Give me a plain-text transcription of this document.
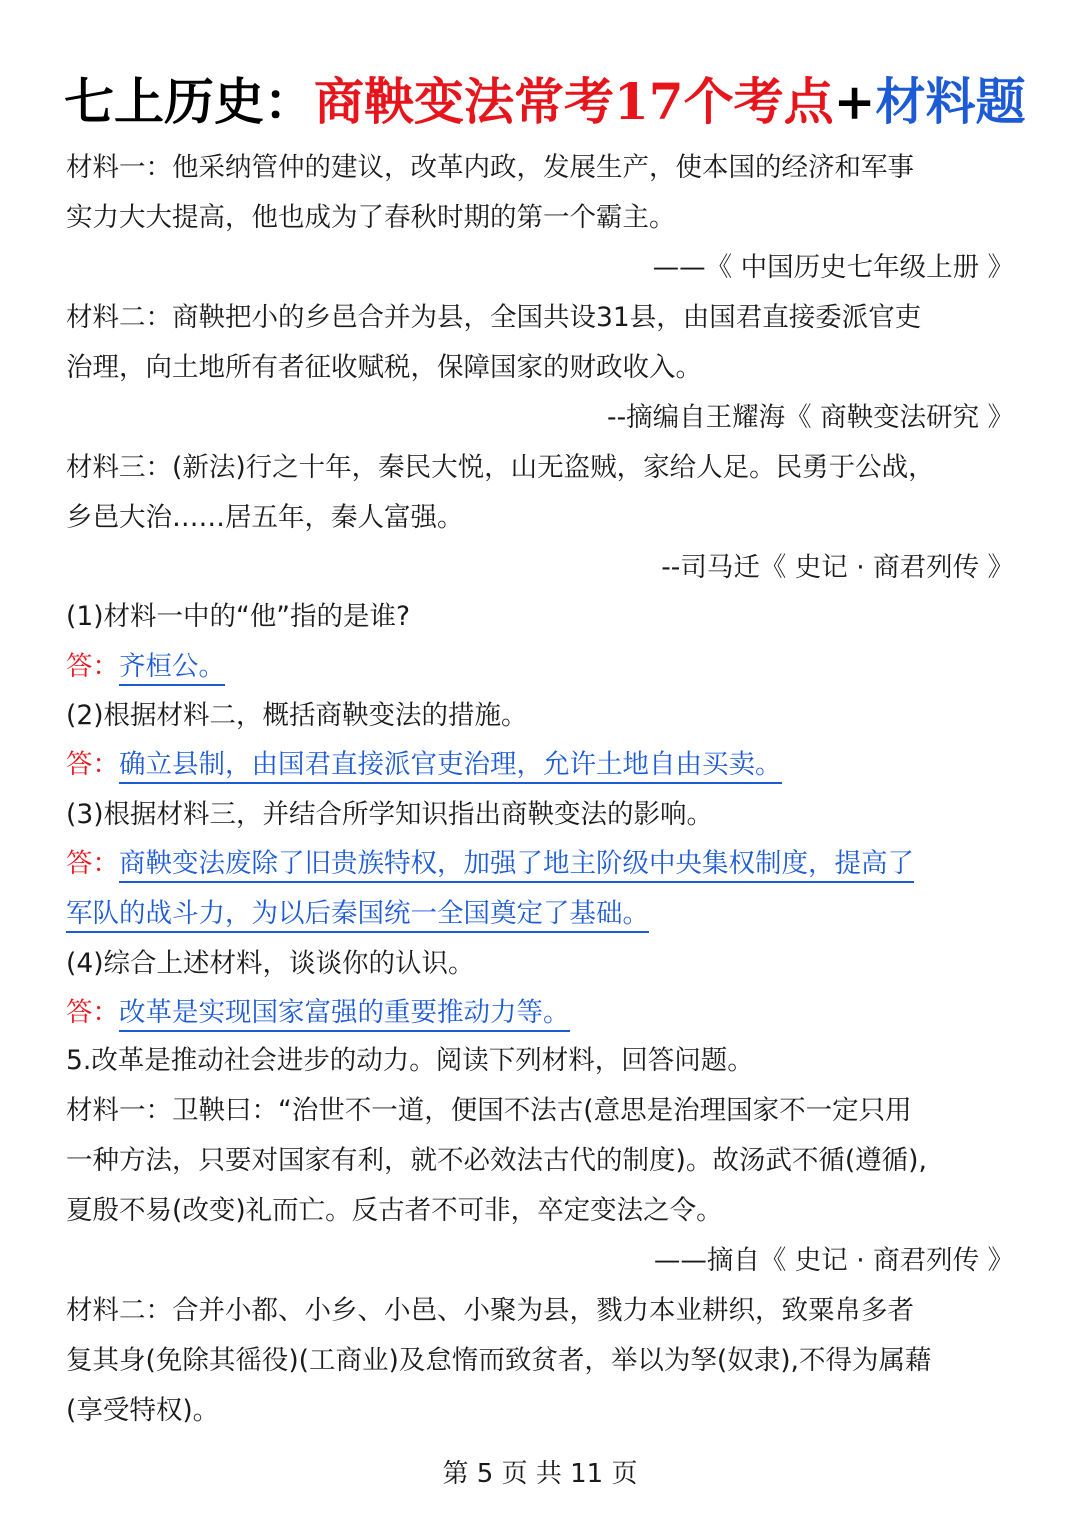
七上历史：商鞅变法常考17个考点+材料题
材料一：他采纳管仲的建议，改革内政，发展生产，使本国的经济和军事
实力大大提高，他也成为了春秋时期的第一个霸主。
——《 中国历史七年级上册 》
材料二：商鞅把小的乡邑合并为县，全国共设31县，由国君直接委派官吏
治理，向土地所有者征收赋税，保障国家的财政收入。
--摘编自王耀海《 商鞅变法研究 》
材料三：(新法)行之十年，秦民大悦，山无盗贼，家给人足。民勇于公战，
乡邑大治……居五年，秦人富强。
--司马迁《 史记 · 商君列传 》
(1)材料一中的“他”指的是谁?
答：齐桓公。
(2)根据材料二，概括商鞅变法的措施。
答：确立县制，由国君直接派官吏治理，允许土地自由买卖。
(3)根据材料三，并结合所学知识指出商鞅变法的影响。
答：商鞅变法废除了旧贵族特权，加强了地主阶级中央集权制度，提高了
军队的战斗力，为以后秦国统一全国奠定了基础。
(4)综合上述材料，谈谈你的认识。
答：改革是实现国家富强的重要推动力等。
5.改革是推动社会进步的动力。阅读下列材料，回答问题。
材料一：卫鞅曰：“治世不一道，便国不法古(意思是治理国家不一定只用
一种方法，只要对国家有利，就不必效法古代的制度)。故汤武不循(遵循),
夏殷不易(改变)礼而亡。反古者不可非，卒定变法之令。
——摘自《 史记 · 商君列传 》
材料二：合并小都、小乡、小邑、小聚为县，戮力本业耕织，致粟帛多者
复其身(免除其徭役)(工商业)及怠惰而致贫者，举以为孥(奴隶),不得为属藉
(享受特权)。
第 5 页 共 11 页
